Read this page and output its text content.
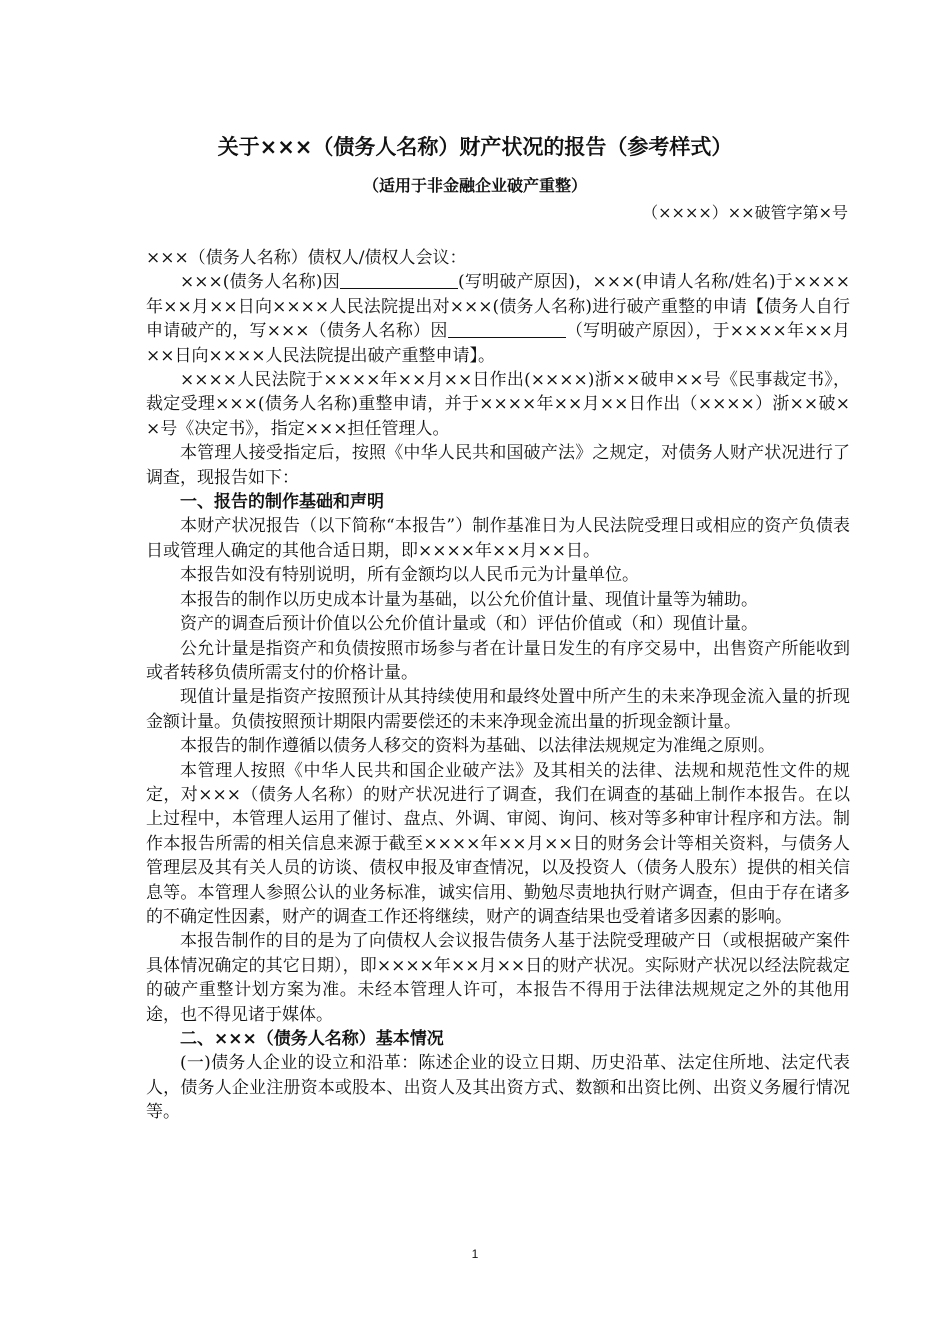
关于×××（债务人名称）财产状况的报告（参考样式）

（适用于非金融企业破产重整）

（××××）××破管字第×号

×××（债务人名称）债权人/债权人会议：

×××(债务人名称)因	(写明破产原因)，×××(申请人名称/姓名)于××××年××月××日向××××人民法院提出对×××(债务人名称)进行破产重整的申请【债务人自行申请破产的，写×××（债务人名称）因	（写明破产原因），于××××年××月××日向××××人民法院提出破产重整申请】。

××××人民法院于××××年××月××日作出(××××)浙××破申××号《民事裁定书》，裁定受理×××(债务人名称)重整申请，并于××××年××月××日作出（××××）浙××破××号《决定书》，指定×××担任管理人。

本管理人接受指定后，按照《中华人民共和国破产法》之规定，对债务人财产状况进行了调查，现报告如下：

一、报告的制作基础和声明

本财产状况报告（以下简称“本报告”）制作基准日为人民法院受理日或相应的资产负债表日或管理人确定的其他合适日期，即××××年××月××日。

本报告如没有特别说明，所有金额均以人民币元为计量单位。

本报告的制作以历史成本计量为基础，以公允价值计量、现值计量等为辅助。

资产的调查后预计价值以公允价值计量或（和）评估价值或（和）现值计量。

公允计量是指资产和负债按照市场参与者在计量日发生的有序交易中，出售资产所能收到或者转移负债所需支付的价格计量。

现值计量是指资产按照预计从其持续使用和最终处置中所产生的未来净现金流入量的折现金额计量。负债按照预计期限内需要偿还的未来净现金流出量的折现金额计量。

本报告的制作遵循以债务人移交的资料为基础、以法律法规规定为准绳之原则。

本管理人按照《中华人民共和国企业破产法》及其相关的法律、法规和规范性文件的规定，对×××（债务人名称）的财产状况进行了调查，我们在调查的基础上制作本报告。在以上过程中，本管理人运用了催讨、盘点、外调、审阅、询问、核对等多种审计程序和方法。制作本报告所需的相关信息来源于截至××××年××月××日的财务会计等相关资料，与债务人管理层及其有关人员的访谈、债权申报及审查情况，以及投资人（债务人股东）提供的相关信息等。本管理人参照公认的业务标准，诚实信用、勤勉尽责地执行财产调查，但由于存在诸多的不确定性因素，财产的调查工作还将继续，财产的调查结果也受着诸多因素的影响。

本报告制作的目的是为了向债权人会议报告债务人基于法院受理破产日（或根据破产案件具体情况确定的其它日期），即××××年××月××日的财产状况。实际财产状况以经法院裁定的破产重整计划方案为准。未经本管理人许可，本报告不得用于法律法规规定之外的其他用途，也不得见诸于媒体。

二、×××（债务人名称）基本情况

(一)债务人企业的设立和沿革：陈述企业的设立日期、历史沿革、法定住所地、法定代表人，债务人企业注册资本或股本、出资人及其出资方式、数额和出资比例、出资义务履行情况等。

1
